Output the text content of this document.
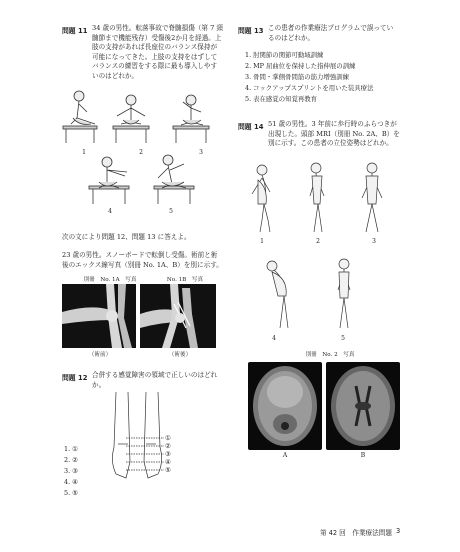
問題 11 34 歳の男性。転落事故で脊髄損傷（第 7 頸
髄節まで機能残存）受傷後2か月を経過。上
肢の支持があれば長座位のバランス保持が
可能になってきた。上肢の支持をはずして
バランスの練習をする際に最も導入しやす
いのはどれか。
1	2	3
4	5
次の文により問題 12、問題 13 に答えよ。
23 歳の男性。スノーボードで転倒し受傷。術前と術
後のエックス線写真（別冊 No. 1A、B）を別に示す。
別冊　No. 1A　写真	No. 1B　写真
（術前）	（術後）
問題 12 合併する感覚障害の領域で正しいのはどれ
か。
①
②
③
④
⑤
1. ①
2. ②
3. ③
4. ④
5. ⑤
問題 13 この患者の作業療法プログラムで誤ってい
るのはどれか。
1. 肘関節の関節可動域訓練
2. MP 屈曲位を保持した指伸展の訓練
3. 骨間・掌側骨間筋の筋力増強訓練
4. コックアップスプリントを用いた装具療法
5. 表在感覚の知覚再教育
問題 14 51 歳の男性。3 年前に歩行時のふらつきが
出現した。頭部 MRI（別冊 No. 2A、B）を
別に示す。この患者の立位姿勢はどれか。
1	2	3
4	5
別冊　No. 2　写真
A	B
第 42 回　作業療法問題 3
